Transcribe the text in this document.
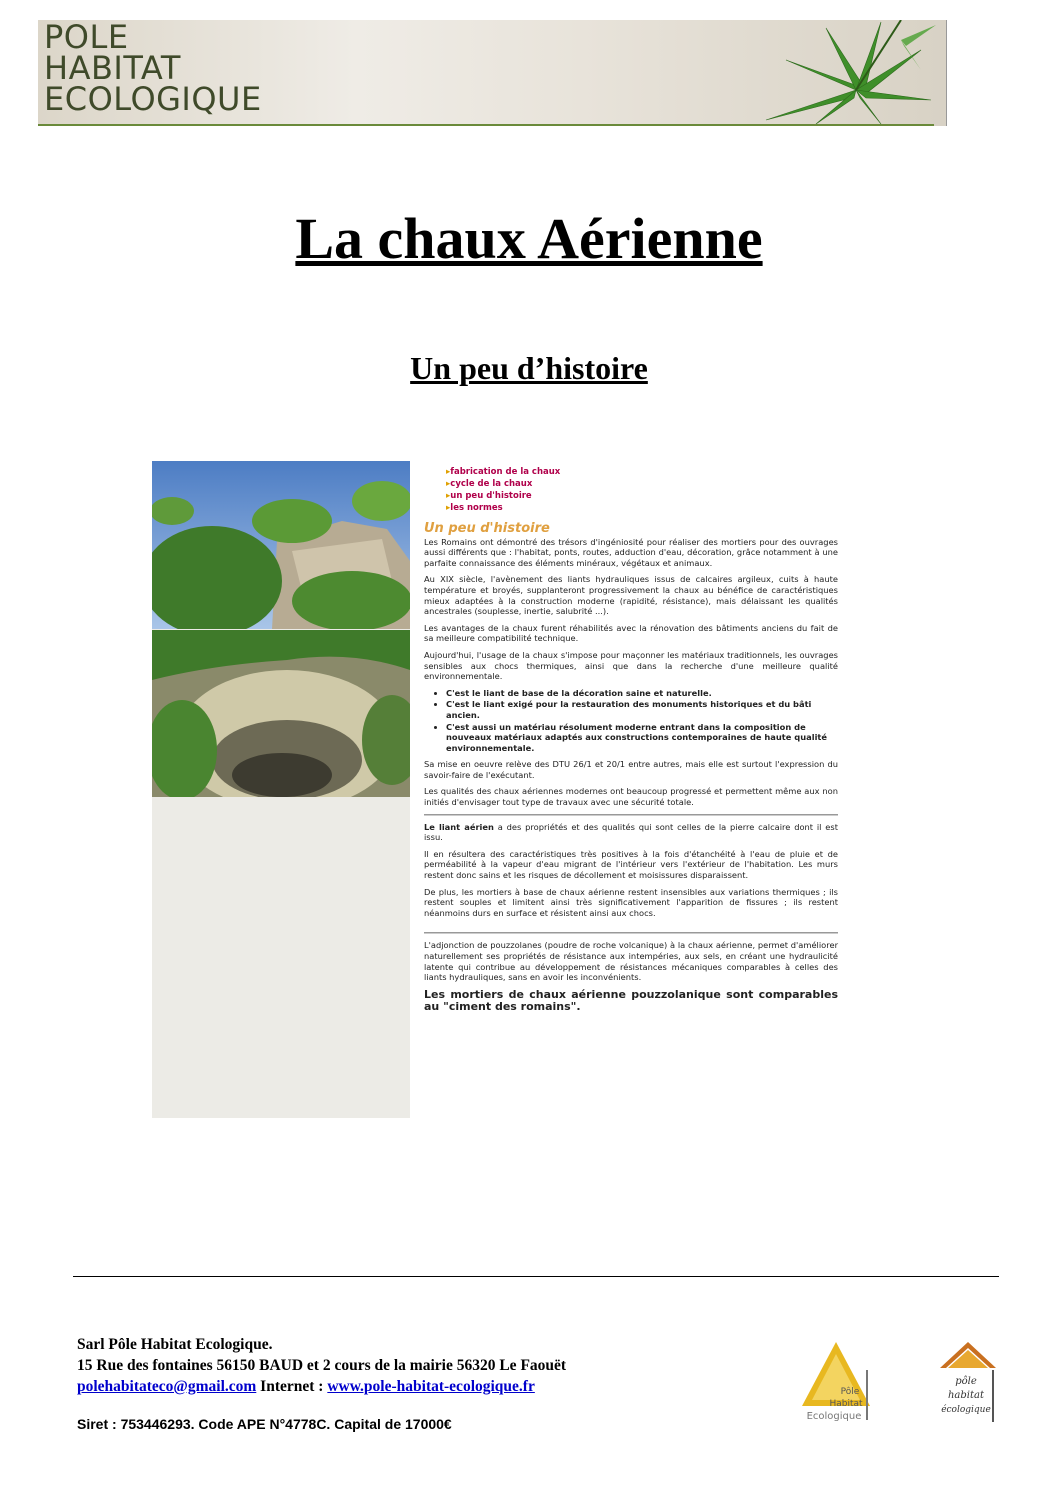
POLE
HABITAT
ECOLOGIQUE
La chaux Aérienne
Un peu d’histoire
▸ fabrication de la chaux
▸ cycle de la chaux
▸ un peu d'histoire
▸ les normes
Un peu d'histoire

Les Romains ont démontré des trésors d'ingéniosité pour réaliser des mortiers pour des ouvrages aussi différents que : l'habitat, ponts, routes, adduction d'eau, décoration, grâce notamment à une parfaite connaissance des éléments minéraux, végétaux et animaux.

Au XIX siècle, l'avènement des liants hydrauliques issus de calcaires argileux, cuits à haute température et broyés, supplanteront progressivement la chaux au bénéfice de caractéristiques mieux adaptées à la construction moderne (rapidité, résistance), mais délaissant les qualités ancestrales (souplesse, inertie, salubrité ...).

Les avantages de la chaux furent réhabilités avec la rénovation des bâtiments anciens du fait de sa meilleure compatibilité technique.

Aujourd'hui, l'usage de la chaux s'impose pour maçonner les matériaux traditionnels, les ouvrages sensibles aux chocs thermiques, ainsi que dans la recherche d'une meilleure qualité environnementale.

• C'est le liant de base de la décoration saine et naturelle.
• C'est le liant exigé pour la restauration des monuments historiques et du bâti ancien.
• C'est aussi un matériau résolument moderne entrant dans la composition de nouveaux matériaux adaptés aux constructions contemporaines de haute qualité environnementale.

Sa mise en oeuvre relève des DTU 26/1 et 20/1 entre autres, mais elle est surtout l'expression du savoir-faire de l'exécutant.

Les qualités des chaux aériennes modernes ont beaucoup progressé et permettent même aux non initiés d'envisager tout type de travaux avec une sécurité totale.

Le liant aérien a des propriétés et des qualités qui sont celles de la pierre calcaire dont il est issu.

Il en résultera des caractéristiques très positives à la fois d'étanchéité à l'eau de pluie et de perméabilité à la vapeur d'eau migrant de l'intérieur vers l'extérieur de l'habitation. Les murs restent donc sains et les risques de décollement et moisissures disparaissent.

De plus, les mortiers à base de chaux aérienne restent insensibles aux variations thermiques ; ils restent souples et limitent ainsi très significativement l'apparition de fissures ; ils restent néanmoins durs en surface et résistent ainsi aux chocs.

L'adjonction de pouzzolanes (poudre de roche volcanique) à la chaux aérienne, permet d'améliorer naturellement ses propriétés de résistance aux intempéries, aux sels, en créant une hydraulicité latente qui contribue au développement de résistances mécaniques comparables à celles des liants hydrauliques, sans en avoir les inconvénients.

Les mortiers de chaux aérienne pouzzolanique sont comparables au "ciment des romains".
Sarl Pôle Habitat Ecologique.
15 Rue des fontaines 56150 BAUD et 2 cours de la mairie 56320 Le Faouët
polehabitateco@gmail.com Internet : www.pole-habitat-ecologique.fr
Siret : 753446293. Code APE N°4778C. Capital de 17000€
Pôle
Habitat
Ecologique
pôle
habitat
écologique
